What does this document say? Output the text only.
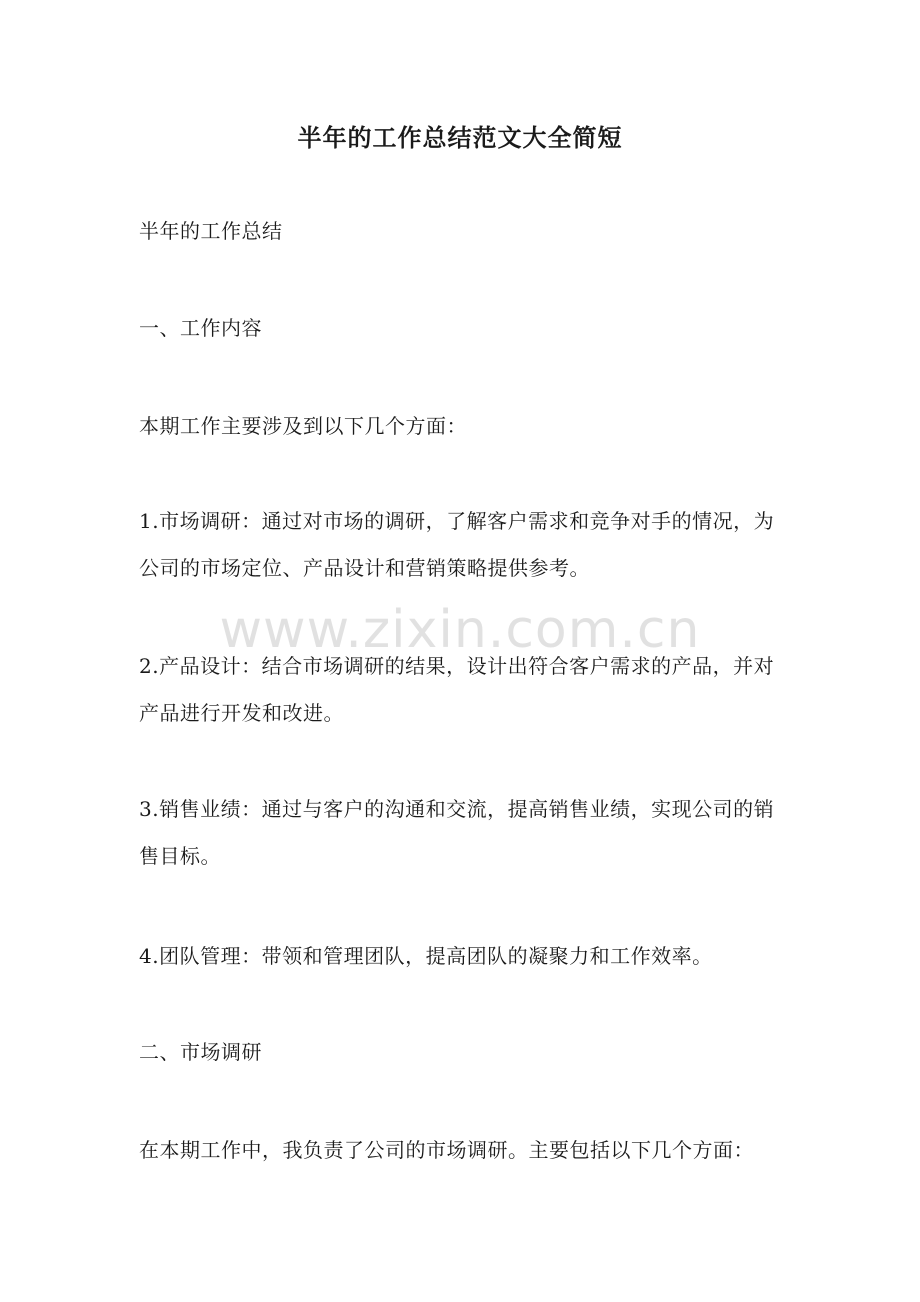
半年的工作总结范文大全简短

半年的工作总结

一、工作内容

本期工作主要涉及到以下几个方面：

1.市场调研：通过对市场的调研，了解客户需求和竞争对手的情况，为公司的市场定位、产品设计和营销策略提供参考。

2.产品设计：结合市场调研的结果，设计出符合客户需求的产品，并对产品进行开发和改进。

3.销售业绩：通过与客户的沟通和交流，提高销售业绩，实现公司的销售目标。

4.团队管理：带领和管理团队，提高团队的凝聚力和工作效率。

二、市场调研

在本期工作中，我负责了公司的市场调研。主要包括以下几个方面：

www.zixin.com.cn
